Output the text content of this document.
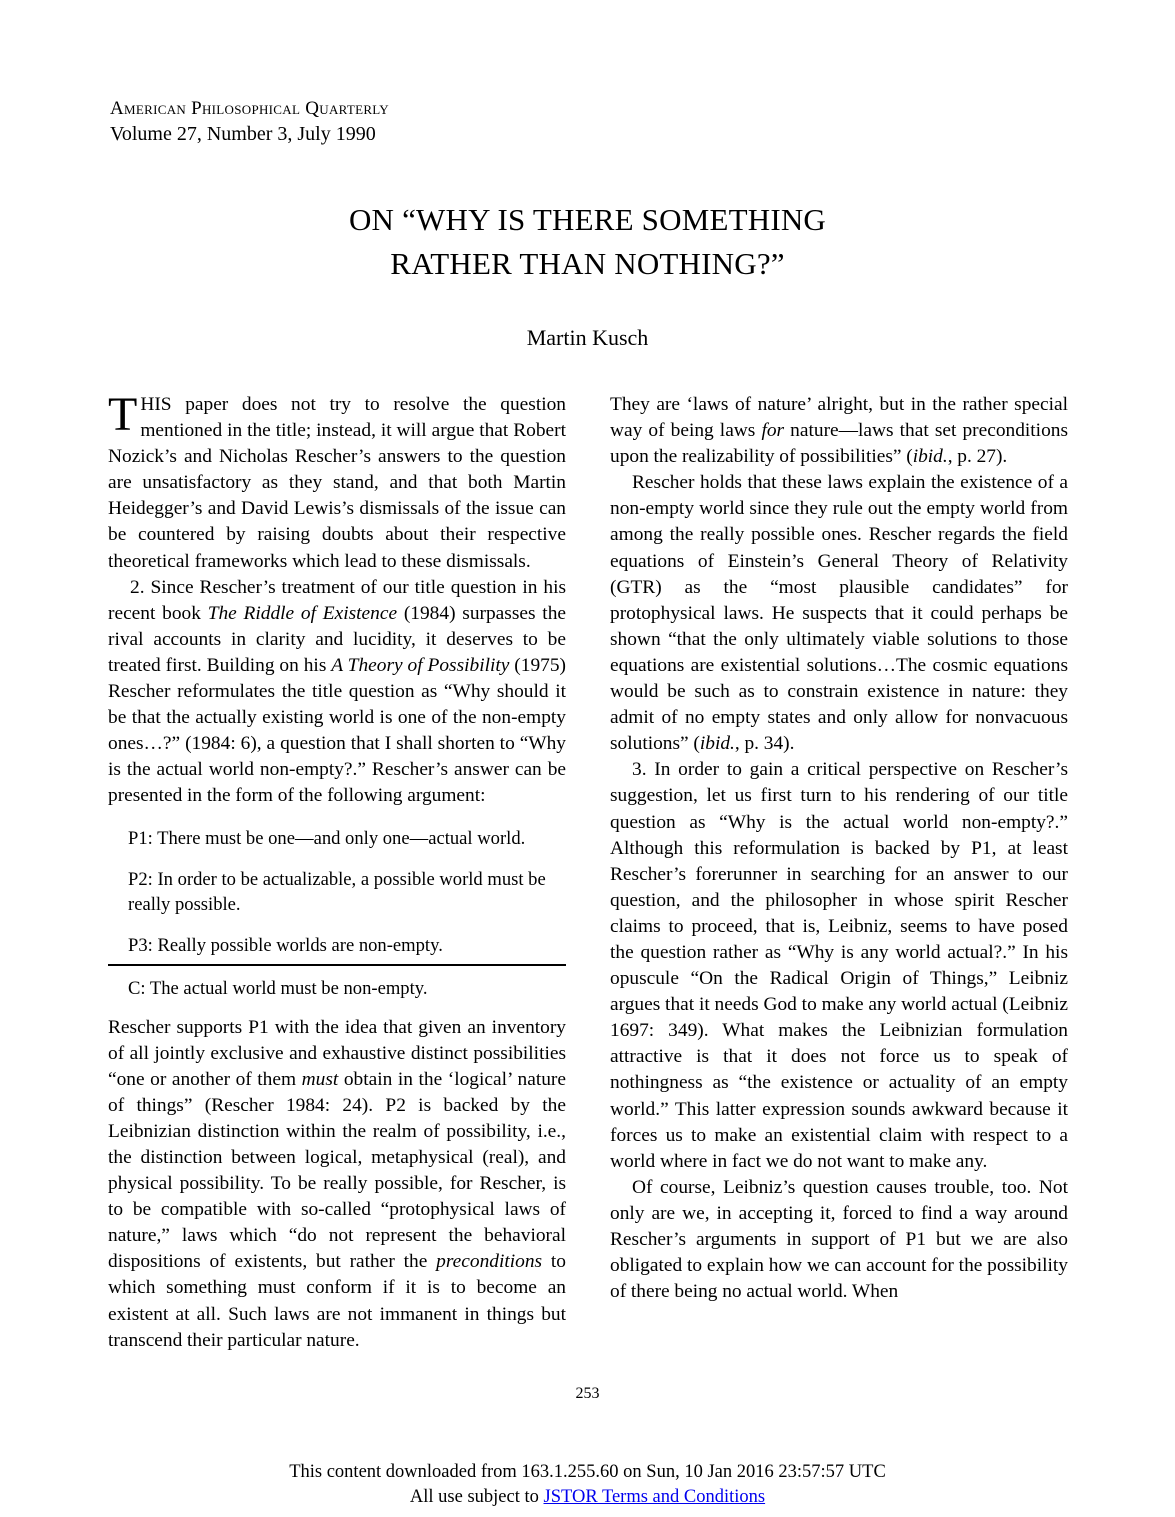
American Philosophical Quarterly
Volume 27, Number 3, July 1990
ON “WHY IS THERE SOMETHING
RATHER THAN NOTHING?”
Martin Kusch

THIS paper does not try to resolve the question mentioned in the title; instead, it will argue that Robert Nozick’s and Nicholas Rescher’s answers to the question are unsatisfactory as they stand, and that both Martin Heidegger’s and David Lewis’s dismissals of the issue can be countered by raising doubts about their respective theoretical frameworks which lead to these dismissals.

2. Since Rescher’s treatment of our title question in his recent book The Riddle of Existence (1984) surpasses the rival accounts in clarity and lucidity, it deserves to be treated first. Building on his A Theory of Possibility (1975) Rescher reformulates the title question as “Why should it be that the actually existing world is one of the non-empty ones…?” (1984: 6), a question that I shall shorten to “Why is the actual world non-empty?.” Rescher’s answer can be presented in the form of the following argument:

P1: There must be one—and only one—actual world.

P2: In order to be actualizable, a possible world must be really possible.

P3: Really possible worlds are non-empty.

C: The actual world must be non-empty.

Rescher supports P1 with the idea that given an inventory of all jointly exclusive and exhaustive distinct possibilities “one or another of them must obtain in the ‘logical’ nature of things” (Rescher 1984: 24). P2 is backed by the Leibnizian distinction within the realm of possibility, i.e., the distinction between logical, metaphysical (real), and physical possibility. To be really possible, for Rescher, is to be compatible with so-called “protophysical laws of nature,” laws which “do not represent the behavioral dispositions of existents, but rather the preconditions to which something must conform if it is to become an existent at all. Such laws are not immanent in things but transcend their particular nature.

They are ‘laws of nature’ alright, but in the rather special way of being laws for nature—laws that set preconditions upon the realizability of possibilities” (ibid., p. 27).

Rescher holds that these laws explain the existence of a non-empty world since they rule out the empty world from among the really possible ones. Rescher regards the field equations of Einstein’s General Theory of Relativity (GTR) as the “most plausible candidates” for protophysical laws. He suspects that it could perhaps be shown “that the only ultimately viable solutions to those equations are existential solutions…The cosmic equations would be such as to constrain existence in nature: they admit of no empty states and only allow for nonvacuous solutions” (ibid., p. 34).

3. In order to gain a critical perspective on Rescher’s suggestion, let us first turn to his rendering of our title question as “Why is the actual world non-empty?.” Although this reformulation is backed by P1, at least Rescher’s forerunner in searching for an answer to our question, and the philosopher in whose spirit Rescher claims to proceed, that is, Leibniz, seems to have posed the question rather as “Why is any world actual?.” In his opuscule “On the Radical Origin of Things,” Leibniz argues that it needs God to make any world actual (Leibniz 1697: 349). What makes the Leibnizian formulation attractive is that it does not force us to speak of nothingness as “the existence or actuality of an empty world.” This latter expression sounds awkward because it forces us to make an existential claim with respect to a world where in fact we do not want to make any.

Of course, Leibniz’s question causes trouble, too. Not only are we, in accepting it, forced to find a way around Rescher’s arguments in support of P1 but we are also obligated to explain how we can account for the possibility of there being no actual world. When

253
This content downloaded from 163.1.255.60 on Sun, 10 Jan 2016 23:57:57 UTC
All use subject to JSTOR Terms and Conditions
